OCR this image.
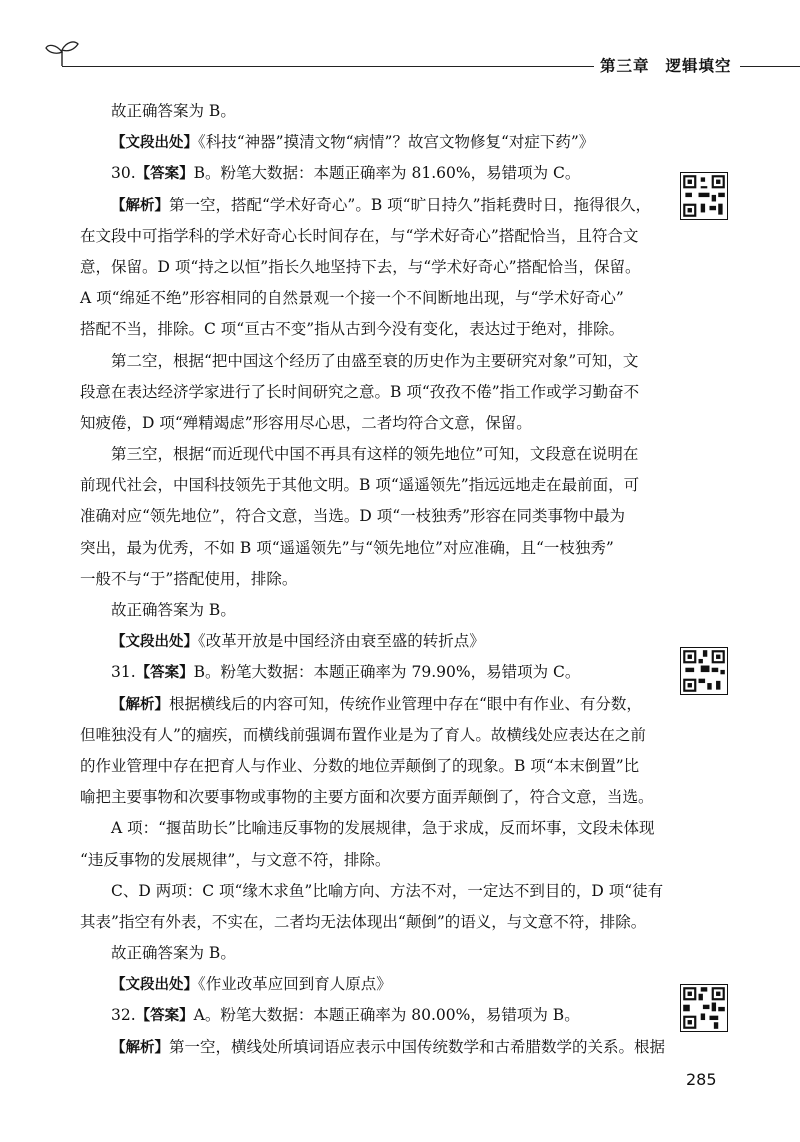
第三章 逻辑填空
故正确答案为 B。
【文段出处】《科技“神器”摸清文物“病情”？故宫文物修复“对症下药”》
30.【答案】B。粉笔大数据：本题正确率为 81.60%，易错项为 C。
【解析】第一空，搭配“学术好奇心”。B 项“旷日持久”指耗费时日，拖得很久，
在文段中可指学科的学术好奇心长时间存在，与“学术好奇心”搭配恰当，且符合文
意，保留。D 项“持之以恒”指长久地坚持下去，与“学术好奇心”搭配恰当，保留。
A 项“绵延不绝”形容相同的自然景观一个接一个不间断地出现，与“学术好奇心”
搭配不当，排除。C 项“亘古不变”指从古到今没有变化，表达过于绝对，排除。
第二空，根据“把中国这个经历了由盛至衰的历史作为主要研究对象”可知，文
段意在表达经济学家进行了长时间研究之意。B 项“孜孜不倦”指工作或学习勤奋不
知疲倦，D 项“殚精竭虑”形容用尽心思，二者均符合文意，保留。
第三空，根据“而近现代中国不再具有这样的领先地位”可知，文段意在说明在
前现代社会，中国科技领先于其他文明。B 项“遥遥领先”指远远地走在最前面，可
准确对应“领先地位”，符合文意，当选。D 项“一枝独秀”形容在同类事物中最为
突出，最为优秀，不如 B 项“遥遥领先”与“领先地位”对应准确，且“一枝独秀”
一般不与“于”搭配使用，排除。
故正确答案为 B。
【文段出处】《改革开放是中国经济由衰至盛的转折点》
31.【答案】B。粉笔大数据：本题正确率为 79.90%，易错项为 C。
【解析】根据横线后的内容可知，传统作业管理中存在“眼中有作业、有分数，
但唯独没有人”的痼疾，而横线前强调布置作业是为了育人。故横线处应表达在之前
的作业管理中存在把育人与作业、分数的地位弄颠倒了的现象。B 项“本末倒置”比
喻把主要事物和次要事物或事物的主要方面和次要方面弄颠倒了，符合文意，当选。
A 项：“揠苗助长”比喻违反事物的发展规律，急于求成，反而坏事，文段未体现
“违反事物的发展规律”，与文意不符，排除。
C、D 两项：C 项“缘木求鱼”比喻方向、方法不对，一定达不到目的，D 项“徒有
其表”指空有外表，不实在，二者均无法体现出“颠倒”的语义，与文意不符，排除。
故正确答案为 B。
【文段出处】《作业改革应回到育人原点》
32.【答案】A。粉笔大数据：本题正确率为 80.00%，易错项为 B。
【解析】第一空，横线处所填词语应表示中国传统数学和古希腊数学的关系。根据
285
